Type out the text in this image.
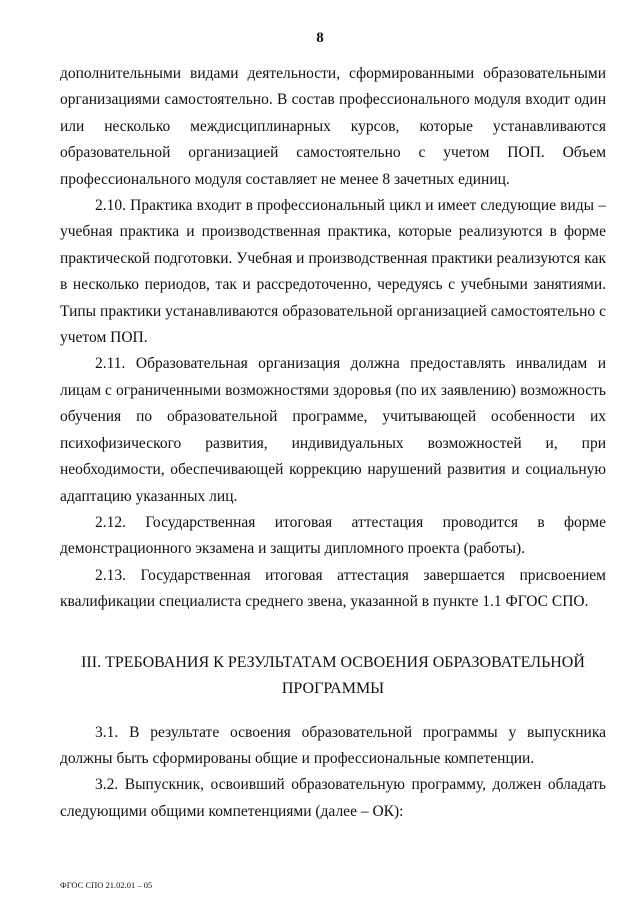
8

дополнительными видами деятельности, сформированными образовательными организациями самостоятельно. В состав профессионального модуля входит один или несколько междисциплинарных курсов, которые устанавливаются образовательной организацией самостоятельно с учетом ПОП. Объем профессионального модуля составляет не менее 8 зачетных единиц.

2.10. Практика входит в профессиональный цикл и имеет следующие виды – учебная практика и производственная практика, которые реализуются в форме практической подготовки. Учебная и производственная практики реализуются как в несколько периодов, так и рассредоточенно, чередуясь с учебными занятиями. Типы практики устанавливаются образовательной организацией самостоятельно с учетом ПОП.

2.11. Образовательная организация должна предоставлять инвалидам и лицам с ограниченными возможностями здоровья (по их заявлению) возможность обучения по образовательной программе, учитывающей особенности их психофизического развития, индивидуальных возможностей и, при необходимости, обеспечивающей коррекцию нарушений развития и социальную адаптацию указанных лиц.

2.12. Государственная итоговая аттестация проводится в форме демонстрационного экзамена и защиты дипломного проекта (работы).

2.13. Государственная итоговая аттестация завершается присвоением квалификации специалиста среднего звена, указанной в пункте 1.1 ФГОС СПО.

III. ТРЕБОВАНИЯ К РЕЗУЛЬТАТАМ ОСВОЕНИЯ ОБРАЗОВАТЕЛЬНОЙ
ПРОГРАММЫ

3.1. В результате освоения образовательной программы у выпускника должны быть сформированы общие и профессиональные компетенции.

3.2. Выпускник, освоивший образовательную программу, должен обладать следующими общими компетенциями (далее – ОК):

ФГОС СПО 21.02.01 – 05
